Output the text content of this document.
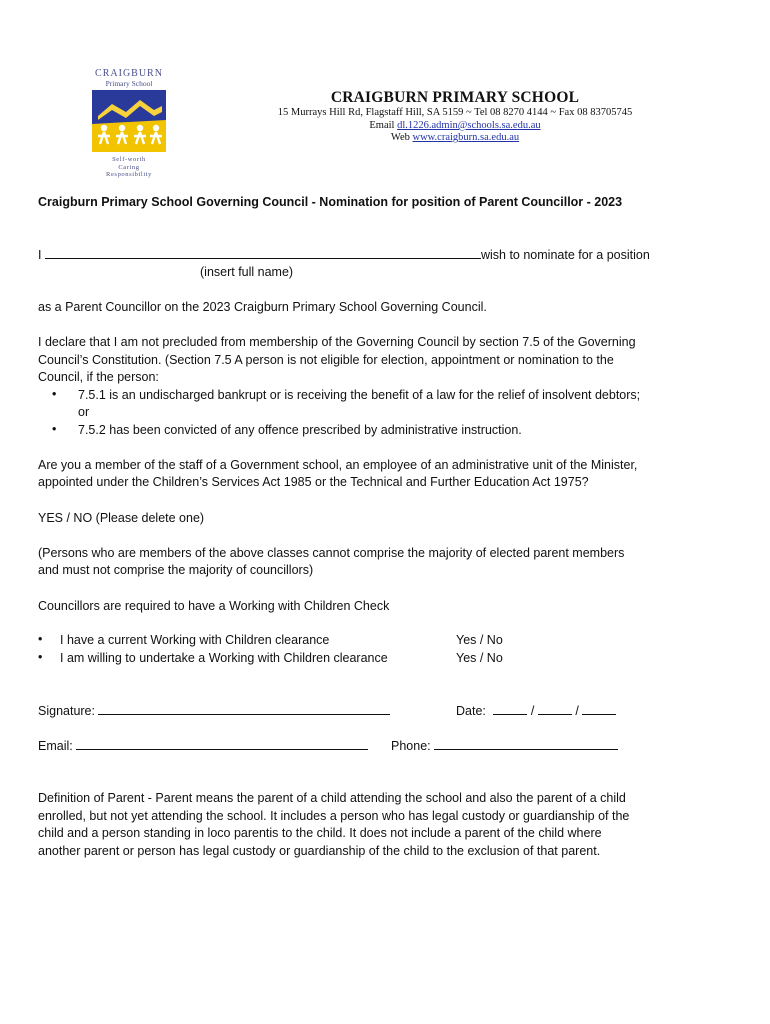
CRAIGBURN
Primary School
Self-worth
Caring
Responsibility
CRAIGBURN PRIMARY SCHOOL
15 Murrays Hill Rd, Flagstaff Hill, SA 5159 ~ Tel 08 8270 4144 ~ Fax 08 83705745
Email dl.1226.admin@schools.sa.edu.au
Web www.craigburn.sa.edu.au
Craigburn Primary School Governing Council - Nomination for position of Parent Councillor - 2023
I	wish to nominate for a position
(insert full name)
as a Parent Councillor on the 2023 Craigburn Primary School Governing Council.
I declare that I am not precluded from membership of the Governing Council by section 7.5 of the Governing
Council’s Constitution. (Section 7.5 A person is not eligible for election, appointment or nomination to the
Council, if the person:
• 7.5.1 is an undischarged bankrupt or is receiving the benefit of a law for the relief of insolvent debtors;
or
• 7.5.2 has been convicted of any offence prescribed by administrative instruction.
Are you a member of the staff of a Government school, an employee of an administrative unit of the Minister,
appointed under the Children’s Services Act 1985 or the Technical and Further Education Act 1975?
YES / NO (Please delete one)
(Persons who are members of the above classes cannot comprise the majority of elected parent members
and must not comprise the majority of councillors)
Councillors are required to have a Working with Children Check
• I have a current Working with Children clearance	Yes / No
• I am willing to undertake a Working with Children clearance	Yes / No
Signature:	Date:	/	/
Email:	Phone:
Definition of Parent - Parent means the parent of a child attending the school and also the parent of a child
enrolled, but not yet attending the school. It includes a person who has legal custody or guardianship of the
child and a person standing in loco parentis to the child. It does not include a parent of the child where
another parent or person has legal custody or guardianship of the child to the exclusion of that parent.
